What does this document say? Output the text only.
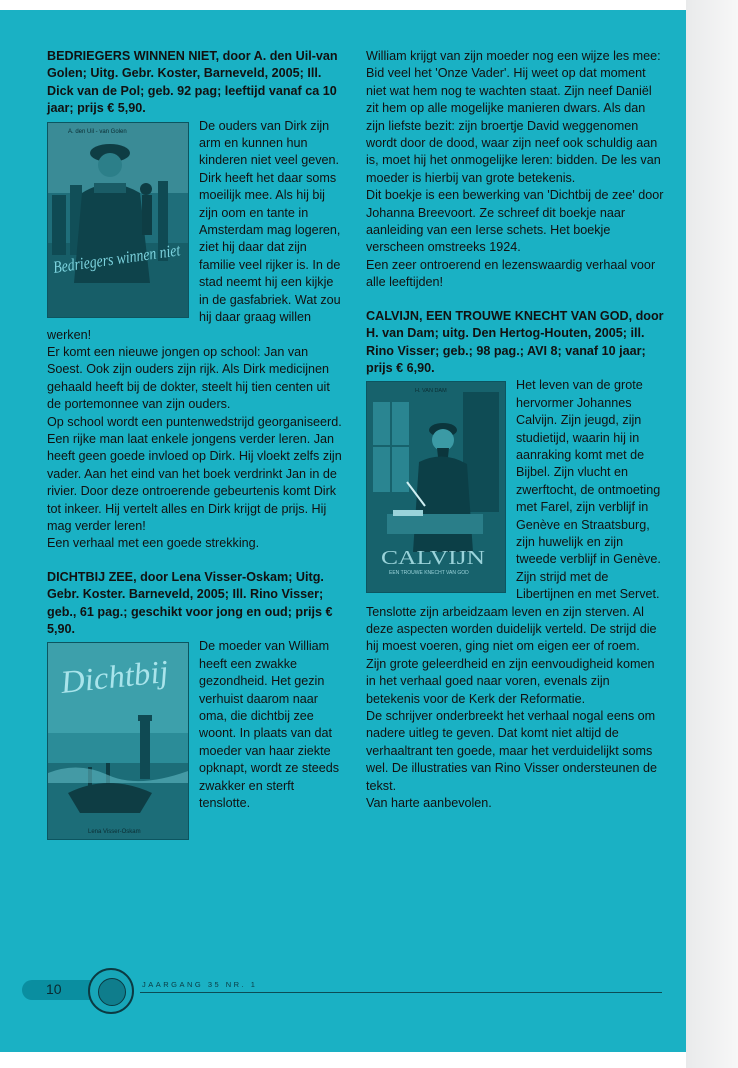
BEDRIEGERS WINNEN NIET, door A. den Uil-van Golen; Uitg. Gebr. Koster, Barneveld, 2005; Ill. Dick van de Pol; geb. 92 pag; leeftijd vanaf ca 10 jaar; prijs € 5,90.

A. den Uil - van Golen
Bedriegers winnen niet

De ouders van Dirk zijn arm en kunnen hun kinderen niet veel geven. Dirk heeft het daar soms moeilijk mee. Als hij bij zijn oom en tante in Amsterdam mag logeren, ziet hij daar dat zijn familie veel rijker is. In de stad neemt hij een kijkje in de gasfabriek. Wat zou hij daar graag willen werken!

Er komt een nieuwe jongen op school: Jan van Soest. Ook zijn ouders zijn rijk. Als Dirk medicijnen gehaald heeft bij de dokter, steelt hij tien centen uit de portemonnee van zijn ouders.

Op school wordt een puntenwedstrijd georganiseerd. Een rijke man laat enkele jongens verder leren. Jan heeft geen goede invloed op Dirk. Hij vloekt zelfs zijn vader. Aan het eind van het boek verdrinkt Jan in de rivier. Door deze ontroerende gebeurtenis komt Dirk tot inkeer. Hij vertelt alles en Dirk krijgt de prijs. Hij mag verder leren!

Een verhaal met een goede strekking.

DICHTBIJ ZEE, door Lena Visser-Oskam; Uitg. Gebr. Koster. Barneveld, 2005; Ill. Rino Visser; geb., 61 pag.; geschikt voor jong en oud; prijs € 5,90.

Dichtbij
Lena Visser-Oskam

De moeder van William heeft een zwakke gezondheid. Het gezin verhuist daarom naar oma, die dichtbij zee woont. In plaats van dat moeder van haar ziekte opknapt, wordt ze steeds zwakker en sterft tenslotte.

William krijgt van zijn moeder nog een wijze les mee: Bid veel het 'Onze Vader'. Hij weet op dat moment niet wat hem nog te wachten staat. Zijn neef Daniël zit hem op alle mogelijke manieren dwars. Als dan zijn liefste bezit: zijn broertje David weggenomen wordt door de dood, waar zijn neef ook schuldig aan is, moet hij het onmogelijke leren: bidden. De les van moeder is hierbij van grote betekenis.

Dit boekje is een bewerking van 'Dichtbij de zee' door Johanna Breevoort. Ze schreef dit boekje naar aanleiding van een Ierse schets. Het boekje verscheen omstreeks 1924.

Een zeer ontroerend en lezenswaardig verhaal voor alle leeftijden!

CALVIJN, EEN TROUWE KNECHT VAN GOD, door H. van Dam; uitg. Den Hertog-Houten, 2005; ill. Rino Visser; geb.; 98 pag.; AVI 8; vanaf 10 jaar; prijs € 6,90.

H. VAN DAM
CALVIJN
EEN TROUWE KNECHT VAN GOD

Het leven van de grote hervormer Johannes Calvijn. Zijn jeugd, zijn studietijd, waarin hij in aanraking komt met de Bijbel. Zijn vlucht en zwerftocht, de ontmoeting met Farel, zijn verblijf in Genève en Straatsburg, zijn huwelijk en zijn tweede verblijf in Genève. Zijn strijd met de Libertijnen en met Servet.

Tenslotte zijn arbeidzaam leven en zijn sterven. Al deze aspecten worden duidelijk verteld. De strijd die hij moest voeren, ging niet om eigen eer of roem.

Zijn grote geleerdheid en zijn eenvoudigheid komen in het verhaal goed naar voren, evenals zijn betekenis voor de Kerk der Reformatie.

De schrijver onderbreekt het verhaal nogal eens om nadere uitleg te geven. Dat komt niet altijd de verhaaltrant ten goede, maar het verduidelijkt soms wel. De illustraties van Rino Visser ondersteunen de tekst.

Van harte aanbevolen.

10	JAARGANG 35 NR. 1
